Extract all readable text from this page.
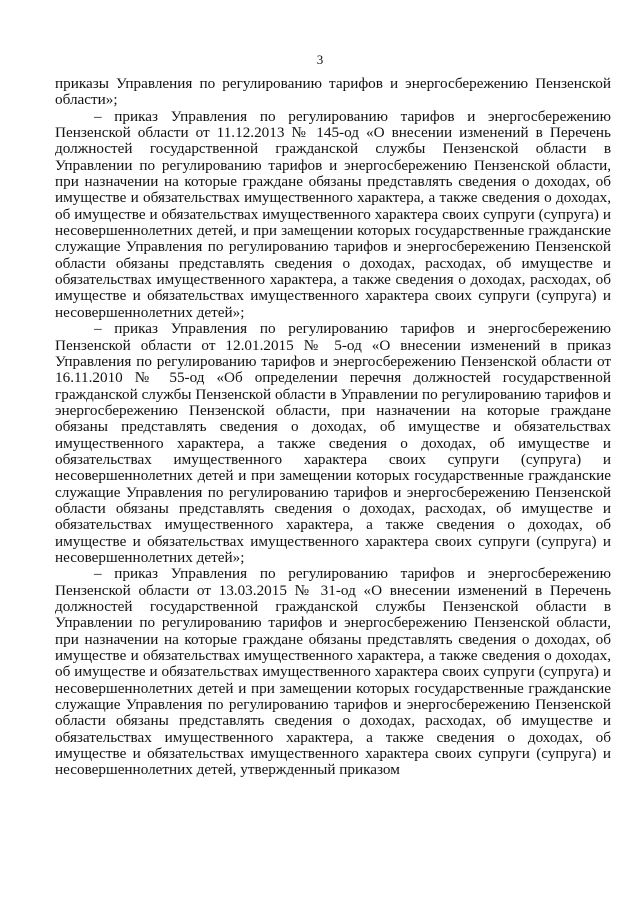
3

приказы Управления по регулированию тарифов и энергосбережению Пензенской области»;

– приказ Управления по регулированию тарифов и энергосбережению Пензенской области от 11.12.2013 № 145-од «О внесении изменений в Перечень должностей государственной гражданской службы Пензенской области в Управлении по регулированию тарифов и энергосбережению Пензенской области, при назначении на которые граждане обязаны представлять сведения о доходах, об имуществе и обязательствах имущественного характера, а также сведения о доходах, об имуществе и обязательствах имущественного характера своих супруги (супруга) и несовершеннолетних детей, и при замещении которых государственные гражданские служащие Управления по регулированию тарифов и энергосбережению Пензенской области обязаны представлять сведения о доходах, расходах, об имуществе и обязательствах имущественного характера, а также сведения о доходах, расходах, об имуществе и обязательствах имущественного характера своих супруги (супруга) и несовершеннолетних детей»;

– приказ Управления по регулированию тарифов и энергосбережению Пензенской области от 12.01.2015 № 5-од «О внесении изменений в приказ Управления по регулированию тарифов и энергосбережению Пензенской области от 16.11.2010 № 55-од «Об определении перечня должностей государственной гражданской службы Пензенской области в Управлении по регулированию тарифов и энергосбережению Пензенской области, при назначении на которые граждане обязаны представлять сведения о доходах, об имуществе и обязательствах имущественного характера, а также сведения о доходах, об имуществе и обязательствах имущественного характера своих супруги (супруга) и несовершеннолетних детей и при замещении которых государственные гражданские служащие Управления по регулированию тарифов и энергосбережению Пензенской области обязаны представлять сведения о доходах, расходах, об имуществе и обязательствах имущественного характера, а также сведения о доходах, об имуществе и обязательствах имущественного характера своих супруги (супруга) и несовершеннолетних детей»;

– приказ Управления по регулированию тарифов и энергосбережению Пензенской области от 13.03.2015 № 31-од «О внесении изменений в Перечень должностей государственной гражданской службы Пензенской области в Управлении по регулированию тарифов и энергосбережению Пензенской области, при назначении на которые граждане обязаны представлять сведения о доходах, об имуществе и обязательствах имущественного характера, а также сведения о доходах, об имуществе и обязательствах имущественного характера своих супруги (супруга) и несовершеннолетних детей и при замещении которых государственные гражданские служащие Управления по регулированию тарифов и энергосбережению Пензенской области обязаны представлять сведения о доходах, расходах, об имуществе и обязательствах имущественного характера, а также сведения о доходах, об имуществе и обязательствах имущественного характера своих супруги (супруга) и несовершеннолетних детей, утвержденный приказом
